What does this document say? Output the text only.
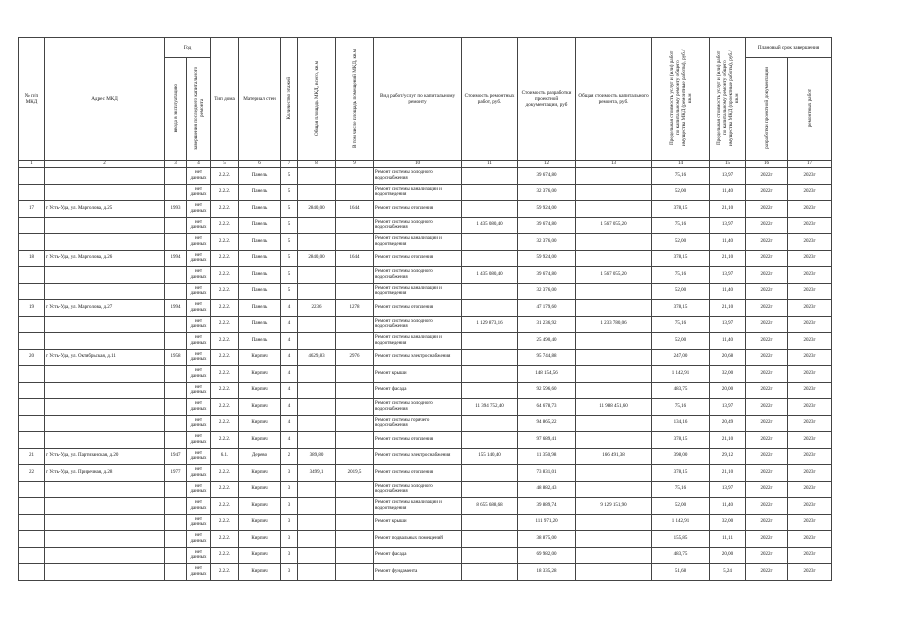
№ п/п МКД	Адрес МКД	Год		Тип дома	Материал стен	Количество этажей	Общая площадь МКД, всего, кв.м	В том числе площадь помещений МКД, кв.м	Вид работ/услуг по капитальному ремонту	Стоимость ремонтных работ, руб.	Стоимость разработки проектной документации, руб	Общая стоимость капитального ремонта, руб.	Предельная стоимость услуг и (или) работ по капитальному ремонту общего имущества МКД (ремонтные работы), руб./кв.м	Предельная стоимость услуг и (или) работ по капитальному ремонту общего имущества МКД (проектные работы), руб./кв.м	Плановый срок завершения	
		ввода в эксплуатацию	завершения последнего капитального ремонта												разработки проектной документации	ремонтных работ
1	2	3	4	5	6	7	8	9	10	11	12	13	14	15	16	17
			нет данных	2.2.2.	Панель	5			Ремонт системы холодного водоснабжения		39 674,80		75,16	13,97	2022г	2023г
			нет данных	2.2.2.	Панель	5			Ремонт системы канализации и водоотведения		32 376,00		52,00	11,40	2022г	2023г
17	г Усть-Уда, ул. Марголова, д.25	1993	нет данных	2.2.2.	Панель	5	2840,00	1644	Ремонт системы отопления		59 924,00		378,15	21,10	2022г	2023г
			нет данных	2.2.2.	Панель	5			Ремонт системы холодного водоснабжения	1 435 080,40	39 674,80	1 567 055,20	75,16	13,97	2022г	2023г
			нет данных	2.2.2.	Панель	5			Ремонт системы канализации и водоотведения		32 376,00		52,00	11,40	2022г	2023г
18	г Усть-Уда, ул. Марголова, д.26	1994	нет данных	2.2.2.	Панель	5	2840,00	1644	Ремонт системы отопления		59 924,00		378,15	21,10	2022г	2023г
			нет данных	2.2.2.	Панель	5			Ремонт системы холодного водоснабжения	1 435 080,40	39 674,80	1 567 055,20	75,16	13,97	2022г	2023г
			нет данных	2.2.2.	Панель	5			Ремонт системы канализации и водоотведения		32 376,00		52,00	11,40	2022г	2023г
19	г Усть-Уда, ул. Марголова, д.27	1994	нет данных	2.2.2.	Панель	4	2236	1278	Ремонт системы отопления		47 179,60		378,15	21,10	2022г	2023г
			нет данных	2.2.2.	Панель	4			Ремонт системы холодного водоснабжения	1 129 873,16	31 236,92	1 233 780,06	75,16	13,97	2022г	2023г
			нет данных	2.2.2.	Панель	4			Ремонт системы канализации и водоотведения		25 490,40		52,00	11,40	2022г	2023г
20	г Усть-Уда, ул. Октябрьская, д.11	1958	нет данных	2.2.2.	Кирпич	4	4629,83	2976	Ремонт системы электроснабжения		95 744,88		247,00	20,68	2022г	2023г
			нет данных	2.2.2.	Кирпич	4			Ремонт крыши		148 154,56		1 142,91	32,00	2022г	2023г
			нет данных	2.2.2.	Кирпич	4			Ремонт фасада		92 596,60		483,75	20,00	2022г	2023г
			нет данных	2.2.2.	Кирпич	4			Ремонт системы холодного водоснабжения	11 394 752,40	64 678,73	11 988 451,60	75,16	13,97	2022г	2023г
			нет данных	2.2.2.	Кирпич	4			Ремонт системы горячего водоснабжения		94 865,22		134,16	20,49	2022г	2023г
			нет данных	2.2.2.	Кирпич	4			Ремонт системы отопления		97 689,41		378,15	21,10	2022г	2023г
21	г Усть-Уда, ул. Партизанская, д.20	1947	нет данных	6.1.	Дерево	2	389,80		Ремонт системы электроснабжения	155 140,40	11 350,98	166 491,38	398,00	29,12	2022г	2023г
22	г Усть-Уда, ул. Приречная, д.28	1977	нет данных	2.2.2.	Кирпич	3	3499,1	2019,5	Ремонт системы отопления		73 831,01		378,15	21,10	2022г	2023г
			нет данных	2.2.2.	Кирпич	3			Ремонт системы холодного водоснабжения		48 882,43		75,16	13,97	2022г	2023г
			нет данных	2.2.2.	Кирпич	3			Ремонт системы канализации и водоотведения	8 655 688,68	39 889,74	9 129 151,90	52,00	11,40	2022г	2023г
			нет данных	2.2.2.	Кирпич	3			Ремонт крыши		111 971,20		1 142,91	32,00	2022г	2023г
			нет данных	2.2.2.	Кирпич	3			Ремонт подвальных помещений		38 875,00		155,85	11,11	2022г	2023г
			нет данных	2.2.2.	Кирпич	3			Ремонт фасада		69 982,00		483,75	20,00	2022г	2023г
			нет данных	2.2.2.	Кирпич	3			Ремонт фундамента		18 335,28		51,68	5,24	2022г	2023г
